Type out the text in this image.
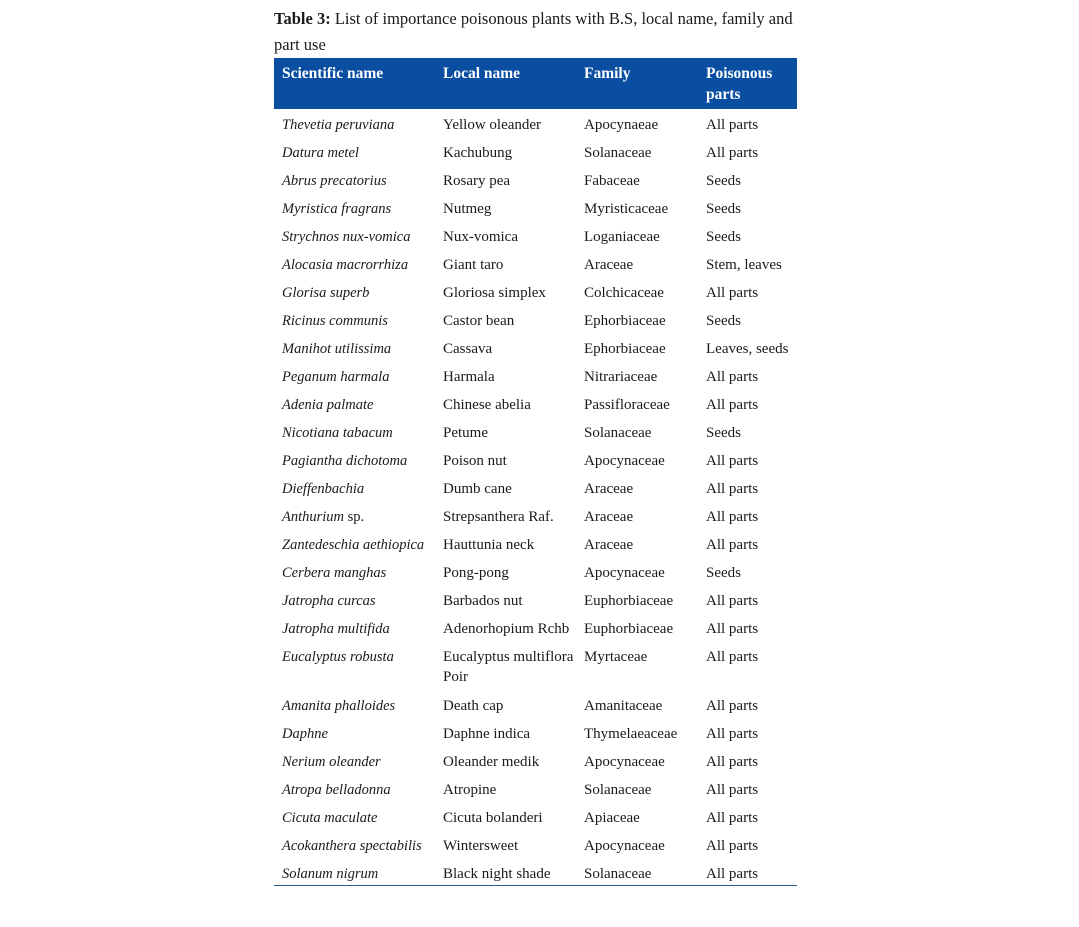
Table 3: List of importance poisonous plants with B.S, local name, family and part use
Scientific name	Local name	Family	Poisonous parts
Thevetia peruviana	Yellow oleander	Apocynaeae	All parts
Datura metel	Kachubung	Solanaceae	All parts
Abrus precatorius	Rosary pea	Fabaceae	Seeds
Myristica fragrans	Nutmeg	Myristicaceae	Seeds
Strychnos nux-vomica	Nux-vomica	Loganiaceae	Seeds
Alocasia macrorrhiza	Giant taro	Araceae	Stem, leaves
Glorisa superb	Gloriosa simplex	Colchicaceae	All parts
Ricinus communis	Castor bean	Ephorbiaceae	Seeds
Manihot utilissima	Cassava	Ephorbiaceae	Leaves, seeds
Peganum harmala	Harmala	Nitrariaceae	All parts
Adenia palmate	Chinese abelia	Passifloraceae	All parts
Nicotiana tabacum	Petume	Solanaceae	Seeds
Pagiantha dichotoma	Poison nut	Apocynaceae	All parts
Dieffenbachia	Dumb cane	Araceae	All parts
Anthurium sp.	Strepsanthera Raf.	Araceae	All parts
Zantedeschia aethiopica	Hauttunia neck	Araceae	All parts
Cerbera manghas	Pong-pong	Apocynaceae	Seeds
Jatropha curcas	Barbados nut	Euphorbiaceae	All parts
Jatropha multifida	Adenorhopium Rchb	Euphorbiaceae	All parts
Eucalyptus robusta	Eucalyptus multiflora Poir	Myrtaceae	All parts
Amanita phalloides	Death cap	Amanitaceae	All parts
Daphne	Daphne indica	Thymelaeaceae	All parts
Nerium oleander	Oleander medik	Apocynaceae	All parts
Atropa belladonna	Atropine	Solanaceae	All parts
Cicuta maculate	Cicuta bolanderi	Apiaceae	All parts
Acokanthera spectabilis	Wintersweet	Apocynaceae	All parts
Solanum nigrum	Black night shade	Solanaceae	All parts
